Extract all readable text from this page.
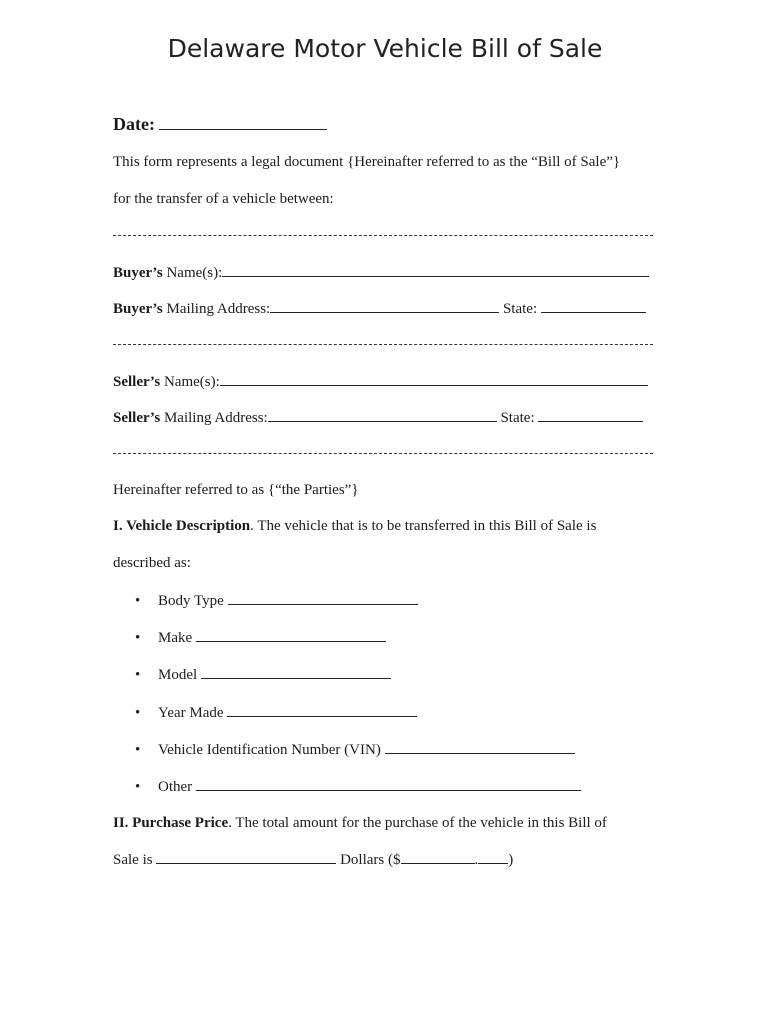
Delaware Motor Vehicle Bill of Sale
Date:
This form represents a legal document {Hereinafter referred to as the “Bill of Sale”}
for the transfer of a vehicle between:
Buyer’s Name(s):
Buyer’s Mailing Address:	State:
Seller’s Name(s):
Seller’s Mailing Address:	State:
Hereinafter referred to as {“the Parties”}
I. Vehicle Description. The vehicle that is to be transferred in this Bill of Sale is
described as:
• Body Type
• Make
• Model
• Year Made
• Vehicle Identification Number (VIN)
• Other
II. Purchase Price. The total amount for the purchase of the vehicle in this Bill of
Sale is	Dollars ($	. )
